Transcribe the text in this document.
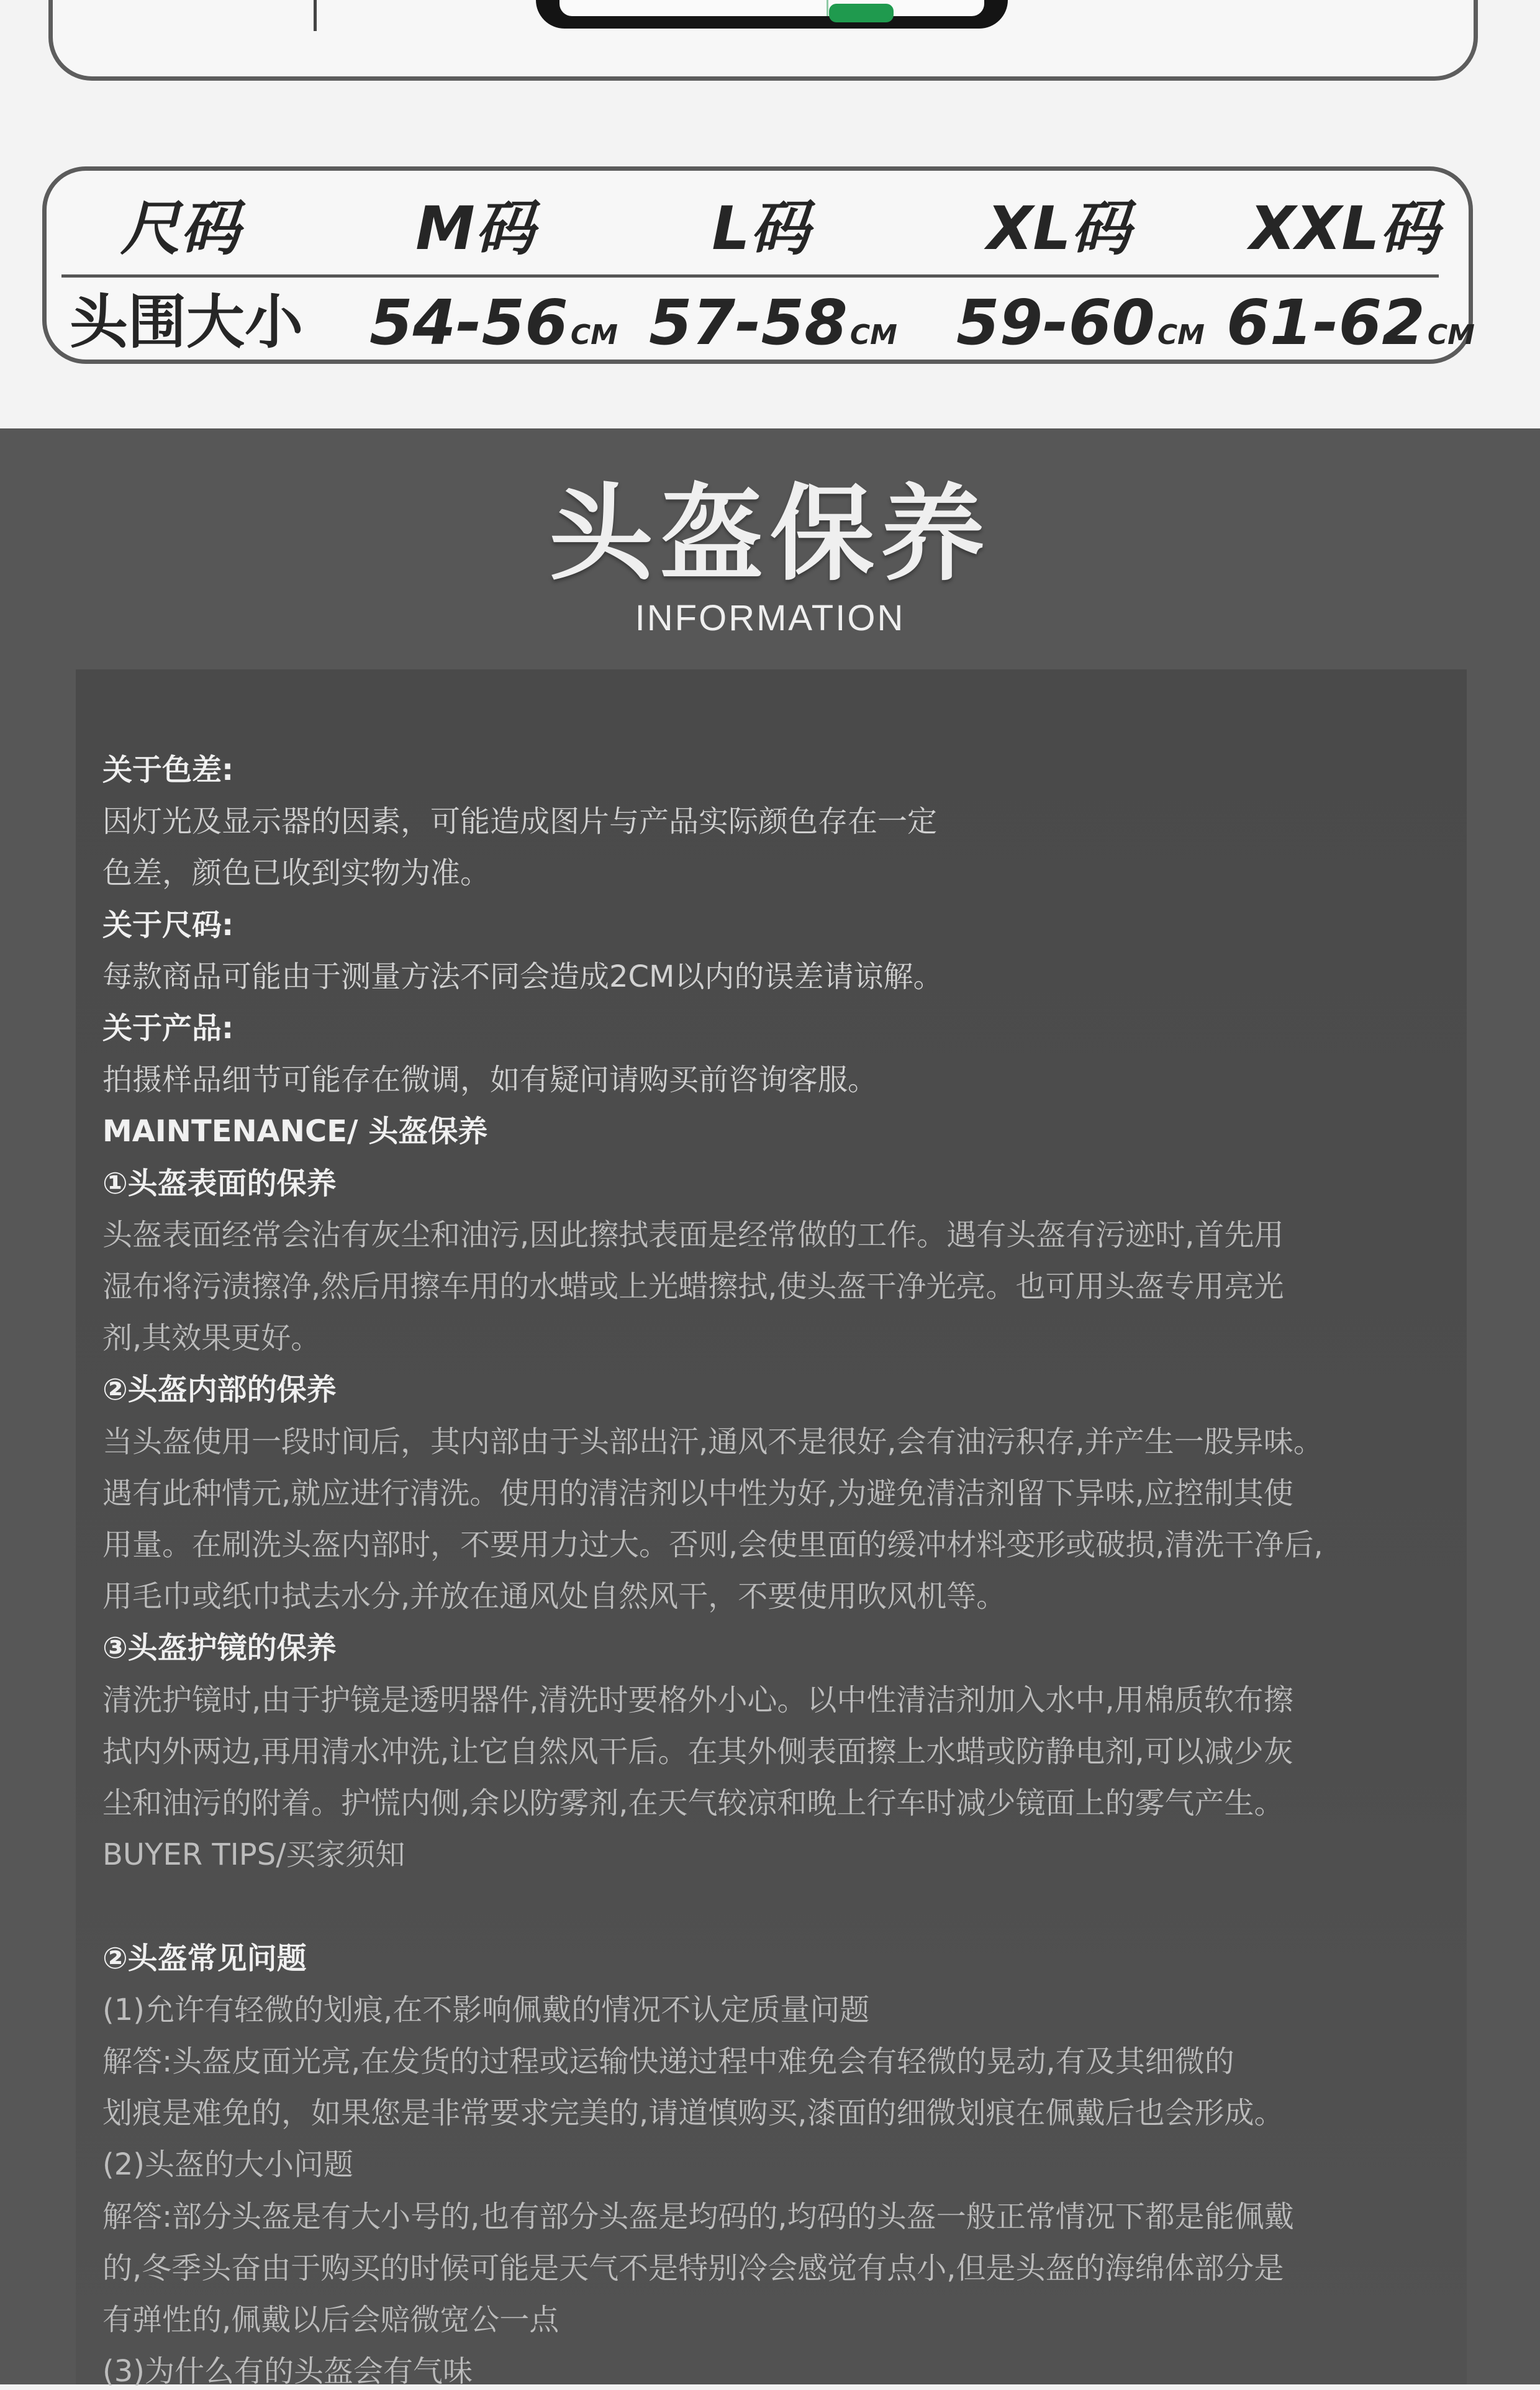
尺码	M码	L码	XL码	XXL码
头围大小 54-56CM 57-58CM 59-60CM 61-62CM
头盔保养
INFORMATION
关于色差:
因灯光及显示器的因素，可能造成图片与产品实际颜色存在一定
色差，颜色已收到实物为准。
关于尺码:
每款商品可能由于测量方法不同会造成2CM以内的误差请谅解。
关于产品:
拍摄样品细节可能存在微调，如有疑问请购买前咨询客服。
MAINTENANCE/ 头盔保养
①头盔表面的保养
头盔表面经常会沾有灰尘和油污,因此擦拭表面是经常做的工作。遇有头盔有污迹时,首先用
湿布将污渍擦净,然后用擦车用的水蜡或上光蜡擦拭,使头盔干净光亮。也可用头盔专用亮光
剂,其效果更好。
②头盔内部的保养
当头盔使用一段时间后，其内部由于头部出汗,通风不是很好,会有油污积存,并产生一股异味。
遇有此种情元,就应进行清洗。使用的清洁剂以中性为好,为避免清洁剂留下异味,应控制其使
用量。在刷洗头盔内部时，不要用力过大。否则,会使里面的缓冲材料变形或破损,清洗干净后,
用毛巾或纸巾拭去水分,并放在通风处自然风干，不要使用吹风机等。
③头盔护镜的保养
清洗护镜时,由于护镜是透明器件,清洗时要格外小心。以中性清洁剂加入水中,用棉质软布擦
拭内外两边,再用清水冲洗,让它自然风干后。在其外侧表面擦上水蜡或防静电剂,可以减少灰
尘和油污的附着。护慌内侧,余以防雾剂,在天气较凉和晚上行车时减少镜面上的雾气产生。
BUYER TIPS/买家须知
②头盔常见问题
(1)允许有轻微的划痕,在不影响佩戴的情况不认定质量问题
解答:头盔皮面光亮,在发货的过程或运输快递过程中难免会有轻微的晃动,有及其细微的
划痕是难免的，如果您是非常要求完美的,请道慎购买,漆面的细微划痕在佩戴后也会形成。
(2)头盔的大小问题
解答:部分头盔是有大小号的,也有部分头盔是均码的,均码的头盔一般正常情况下都是能佩戴
的,冬季头奋由于购买的时候可能是天气不是特别冷会感觉有点小,但是头盔的海绵体部分是
有弹性的,佩戴以后会赔微宽公一点
(3)为什么有的头盔会有气味
